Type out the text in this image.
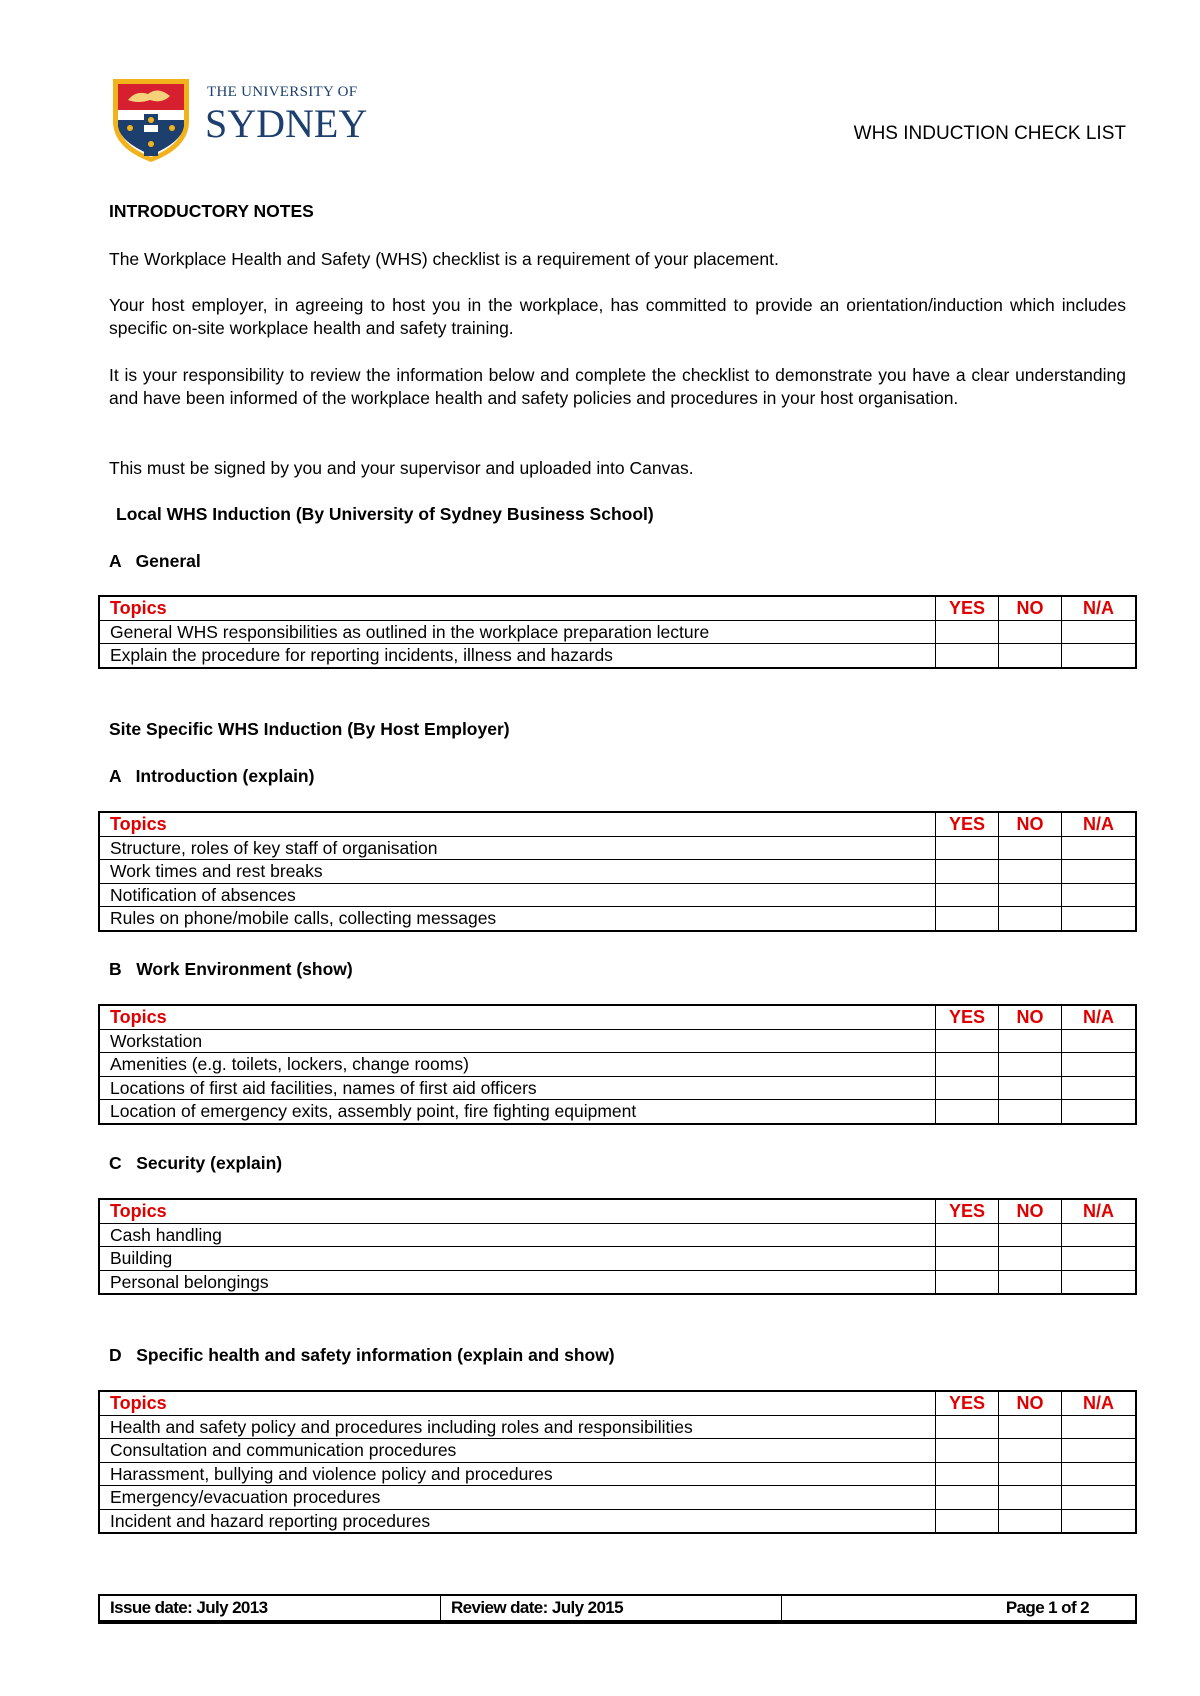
THE UNIVERSITY OF
SYDNEY	WHS INDUCTION CHECK LIST
INTRODUCTORY NOTES
The Workplace Health and Safety (WHS) checklist is a requirement of your placement.
Your host employer, in agreeing to host you in the workplace, has committed to provide an orientation/induction which includes specific on-site workplace health and safety training.
It is your responsibility to review the information below and complete the checklist to demonstrate you have a clear understanding and have been informed of the workplace health and safety policies and procedures in your host organisation.
This must be signed by you and your supervisor and uploaded into Canvas.
Local WHS Induction (By University of Sydney Business School)
A   General
Topics	YES	NO	N/A
General WHS responsibilities as outlined in the workplace preparation lecture			
Explain the procedure for reporting incidents, illness and hazards			
Site Specific WHS Induction (By Host Employer)
A   Introduction (explain)
Topics	YES	NO	N/A
Structure, roles of key staff of organisation			
Work times and rest breaks			
Notification of absences			
Rules on phone/mobile calls, collecting messages			
B   Work Environment (show)
Topics	YES	NO	N/A
Workstation			
Amenities (e.g. toilets, lockers, change rooms)			
Locations of first aid facilities, names of first aid officers			
Location of emergency exits, assembly point, fire fighting equipment			
C   Security (explain)
Topics	YES	NO	N/A
Cash handling			
Building			
Personal belongings			
D   Specific health and safety information (explain and show)
Topics	YES	NO	N/A
Health and safety policy and procedures including roles and responsibilities			
Consultation and communication procedures			
Harassment, bullying and violence policy and procedures			
Emergency/evacuation procedures			
Incident and hazard reporting procedures			
Issue date: July 2013	Review date: July 2015	Page 1 of 2
